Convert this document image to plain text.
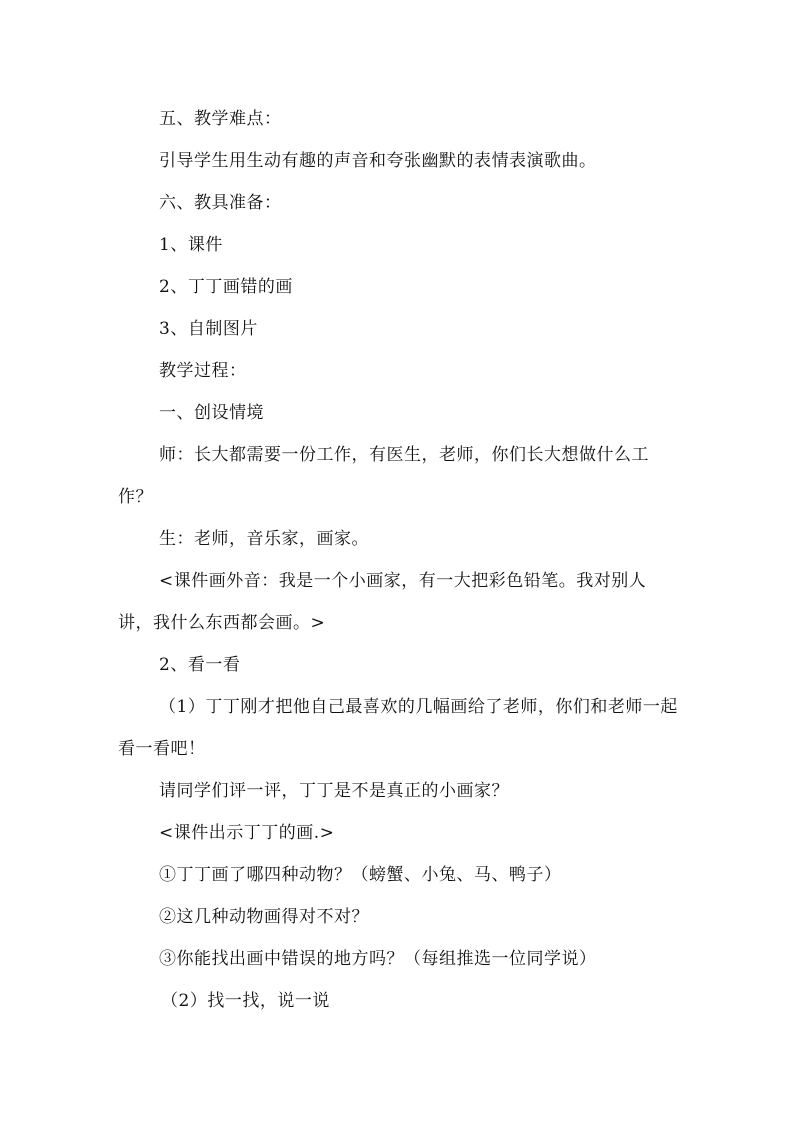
五、教学难点：

引导学生用生动有趣的声音和夸张幽默的表情表演歌曲。

六、教具准备：

1、课件

2、丁丁画错的画

3、自制图片

教学过程：

一、创设情境

师：长大都需要一份工作，有医生，老师，你们长大想做什么工作？

生：老师，音乐家，画家。

<课件画外音：我是一个小画家，有一大把彩色铅笔。我对别人讲，我什么东西都会画。>

2、看一看

（1）丁丁刚才把他自己最喜欢的几幅画给了老师，你们和老师一起看一看吧！

请同学们评一评，丁丁是不是真正的小画家？

<课件出示丁丁的画.>

①丁丁画了哪四种动物？（螃蟹、小兔、马、鸭子）

②这几种动物画得对不对？

③你能找出画中错误的地方吗？（每组推选一位同学说）

（2）找一找，说一说
